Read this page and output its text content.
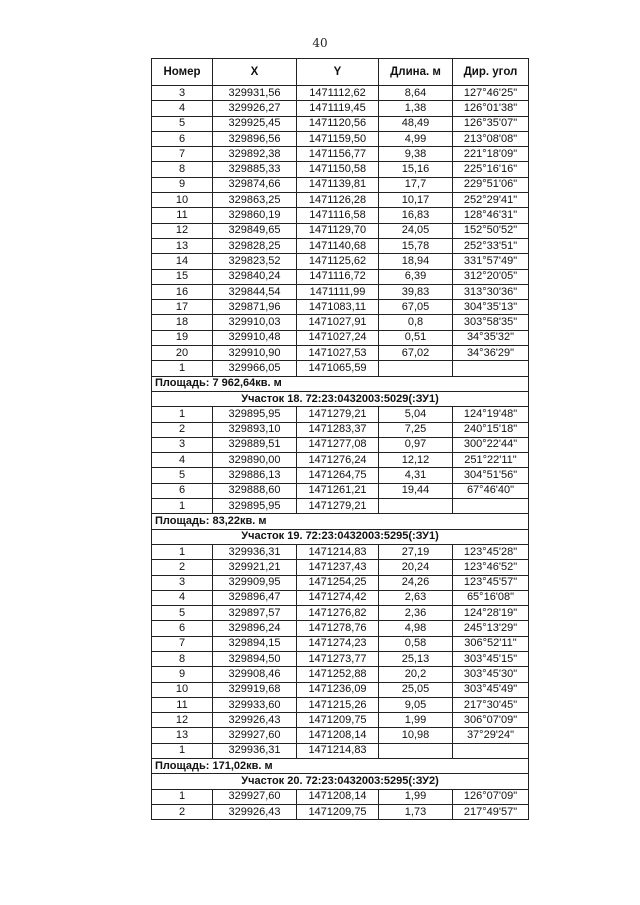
40
Номер	X	Y	Длина. м	Дир. угол
3	329931,56	1471112,62	8,64	127°46'25"
4	329926,27	1471119,45	1,38	126°01'38"
5	329925,45	1471120,56	48,49	126°35'07"
6	329896,56	1471159,50	4,99	213°08'08"
7	329892,38	1471156,77	9,38	221°18'09"
8	329885,33	1471150,58	15,16	225°16'16"
9	329874,66	1471139,81	17,7	229°51'06"
10	329863,25	1471126,28	10,17	252°29'41"
11	329860,19	1471116,58	16,83	128°46'31"
12	329849,65	1471129,70	24,05	152°50'52"
13	329828,25	1471140,68	15,78	252°33'51"
14	329823,52	1471125,62	18,94	331°57'49"
15	329840,24	1471116,72	6,39	312°20'05"
16	329844,54	1471111,99	39,83	313°30'36"
17	329871,96	1471083,11	67,05	304°35'13"
18	329910,03	1471027,91	0,8	303°58'35"
19	329910,48	1471027,24	0,51	34°35'32"
20	329910,90	1471027,53	67,02	34°36'29"
1	329966,05	1471065,59		
Площадь: 7 962,64кв. м				
Участок 18. 72:23:0432003:5029(:ЗУ1)				
1	329895,95	1471279,21	5,04	124°19'48"
2	329893,10	1471283,37	7,25	240°15'18"
3	329889,51	1471277,08	0,97	300°22'44"
4	329890,00	1471276,24	12,12	251°22'11"
5	329886,13	1471264,75	4,31	304°51'56"
6	329888,60	1471261,21	19,44	67°46'40"
1	329895,95	1471279,21		
Площадь: 83,22кв. м				
Участок 19. 72:23:0432003:5295(:ЗУ1)				
1	329936,31	1471214,83	27,19	123°45'28"
2	329921,21	1471237,43	20,24	123°46'52"
3	329909,95	1471254,25	24,26	123°45'57"
4	329896,47	1471274,42	2,63	65°16'08"
5	329897,57	1471276,82	2,36	124°28'19"
6	329896,24	1471278,76	4,98	245°13'29"
7	329894,15	1471274,23	0,58	306°52'11"
8	329894,50	1471273,77	25,13	303°45'15"
9	329908,46	1471252,88	20,2	303°45'30"
10	329919,68	1471236,09	25,05	303°45'49"
11	329933,60	1471215,26	9,05	217°30'45"
12	329926,43	1471209,75	1,99	306°07'09"
13	329927,60	1471208,14	10,98	37°29'24"
1	329936,31	1471214,83		
Площадь: 171,02кв. м				
Участок 20. 72:23:0432003:5295(:ЗУ2)				
1	329927,60	1471208,14	1,99	126°07'09"
2	329926,43	1471209,75	1,73	217°49'57"
